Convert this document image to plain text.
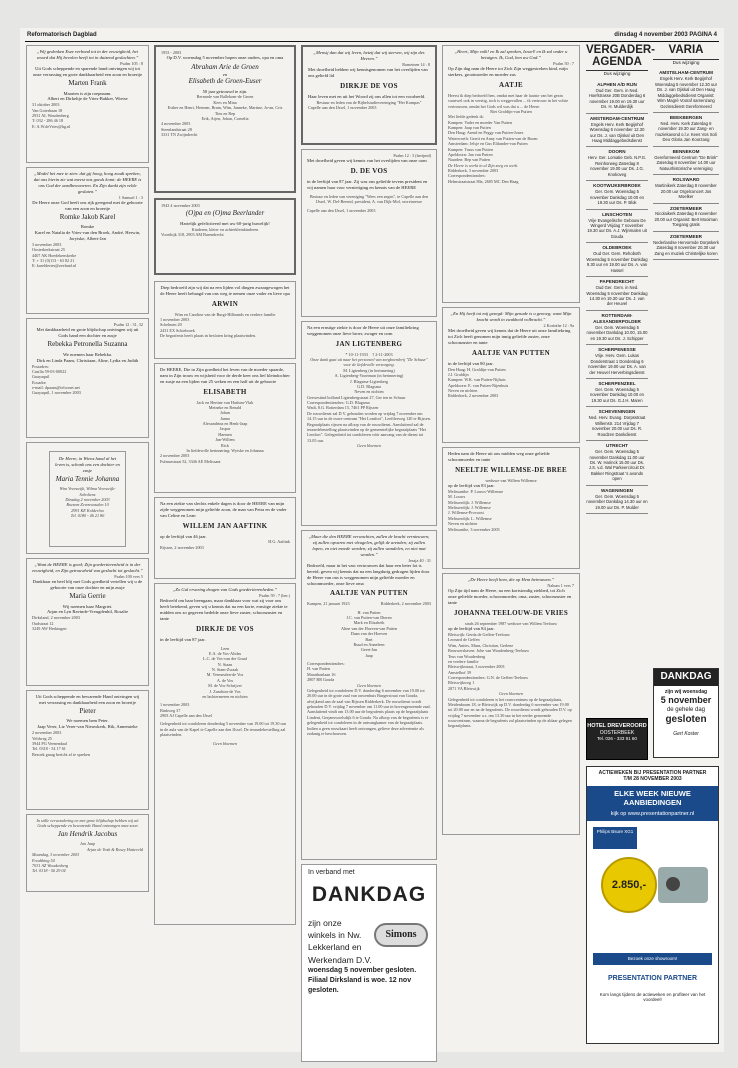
Reformatorisch Dagblad	dinsdag 4 november 2003 PAGINA 4
„Wij gedenken Esze verbond tot in der eeuwigheid, het woord dat Hij bevolen heeft tot in duizend geslachten.”
Psalm 105 : 8
Uit Gods scheppende en sparende hand ontvingen wij tot onze verrassing en grote dankbaarheid een zoon en broertje
Marten Frank
Maarten is zijn roepnaam.
Albert en Dirkeltje de Vries-Bakker, Wietse
31 oktober 2003
Van Goterbaan 18
2931 AL Woudenberg
T: 032 - 286 46 18
E: A.W.deVries@hg.nl
„Model het mee te zien: dat gij hoog, hoog zoudt spreken, dat ons hierin zie wat meest ons goeds komt: de HEERE is ons God der aardbewoneren. En Zijn dankt zijn velde geslaten.”
1 Samuel 1 : 3
De Heere onze God heeft ons rijk geregend met de geboorte van een zoon en broertje
Romke Jakob Karel
Romke
Karel en Natalia de Vries-van den Broek, André, Herwin, Jorytske, Albert-Jan
3 november 2003
Oosterkerkstraat 25
4407 AK Hoedekenskerke
T: + 31 (0)113 - 63 82 21
E: karelderies@zeeland.nl
Psalm 12 : 31, 32
Met dankbaarheid en grote blijdschap ontvingen wij uit Gods hand een dochter en zusje
Rebekka Petronella Suzanna
We noemen haar Rebekka.
Dirk en Linda Paans, Christiaan, Aline, Lydia en Judith
Postadres:
Casilla 59-03-00022
Guayaquil
Ecuador
e-mail: dpaans@telconet.net
Guayaquil, 1 november 2003
De Heere, in Wiens hand al het leven is, schonk ons een dochter en zusje
Maria Tennie Johanna
Wim Vreeswijk, Wilma Vreeswijk-Scholtens
Dinsdag 2 november 2003
Boezem Zevenwouden 10
2991 KE Kolderloo
Tel. 0180 - 46 21 86
„Want de HEERE is goed; Zijn goedertierenheid is in der eeuwigheid, en Zijn getrouwheid van geslacht tot geslacht.”
Psalm 100 vers 5
Dankbaar en heel blij met Gods goedheid vertellen wij u de geboorte van onze dochter en mijn zusje
Maria Gerrie
Wij noemen haar Margriet.
Arjan en Lyn Ravinde-Vreugdenhil, Rosalie
Dirksland, 2 november 2003
Oudstraat 12
3249 AW Herkingen
Uit Gods scheppende en bewarende Hand ontvingen wij met verrassing en dankbaarheid een zoon en broertje
Pieter
We noemen hem Peter.
Jaap Verer, Liz Verer-van Nieuwkerk, Rik, Annemieke
2 november 2003
Veldweg 25
3944 PG Veenendaal
Tel. 0318 - 54 17 61
Bezoek graag bericht af te spreken
In stille verwondering en met grote blijdschap hebben wij uit Gods scheppende en bewarende Hand ontvangen onze zoon
Jan Hendrik Jacobus
Jan Jaap
Arjan de Vosh & Rosey Hatteveld
Maandag, 3 november 2003
Foodthing 54
7031 AZ Woudenberg
Tel. 0318 - 56 29 04
1953 - 2003
Op D.V. woensdag 5 november hopen onze ouders, opa en oma
Abraham Arie de Groen
en
Elisabeth de Groen-Euser
50 jaar getrouwd te zijn.
Bernarde van Ballekom-de Groen
Kees en Mina
Esther en Henri, Hermen, Bram, Wim, Janneke, Martine, Jo-an, Cris
Tieu en Rep
Erik, Arjen, Johan, Cornelia
4 november 2003
Steenlandstraat 28
3331 TN Zwijndrecht
1943 4 november 2003
(O)pa en (O)ma Beerlander
Hartelijk gefeliciteerd met uw 60-jarig huwelijk!
Kinderen, klein- en achterkleinkinderen
Voorthijk 318, 2903 AM Barendrecht
Diep bedroefd zijn wij dat na een lijden vol dingen zwaargewogen het de Heere heeft behaagd van ons weg te nemen onze vader en lieve opa
ARWIN
Wim en Caroline van de Burgt-Hilbrands en verdere familie
1 november 2003
Schelmen 20
2431 EX Schiebroek
De begrafenis heeft plaats in besloten kring plaatsvinden.
De HEERE, Die in Zijn goedheid het leven van de moeder spaarde, nam in Zijn trouw en wijsheid voor de derde keer ons lief kleindochter en zusje na een lijden van 25 weken en een half uit de geboorte
ELISABETH
Jack en Hertine van Hatfum-Vlak
Meineke en Renald
Johan
Janna
Alexandrina en Henk-Jaap
Jaspar
Harmen
Jan-Willem
Rick
In liefdevolle herinnering: Wytske en Johanna
2 november 2003
Fulmarstraat 52, 3346 AE Melissant
Na een ziekte van slechts enkele dagen is door de HEERE van mijn zijde weggenomen mijn geliefde zoon, de man van Petra en de vader van Celine en Lean
WILLEM JAN AAFTINK
op de leeftijd van 46 jaar.
H.G. Aaftink
Rijssen, 2 november 2003
„Zo Gal ervaring dragen van Gods goedertierenheden.”
Psalm 59 : 7 (ber.)
Bedroefd om haar heengaan, maar dankbaar voor wat zij voor ons heeft betekend, geven wij u kennis dat na een korte, ernstige ziekte te midden ons zo gegeven hedelde onze lieve zuster, schoonzuster en tante
DIRKJE DE VOS
in de leeftijd van 87 jaar.
Leen
E.A. de Vos-Alidas
L.C. de Vos-van der Graaf
N. Staan
N. Stam-Zwaak
M. Vermeulen-de Vos
A. de Vos
M. de Vos-Schrijver
J. Zandstra-de Vos
en lachtermeren en nichten
1 november 2003
Binkweg 37
2903 AJ Capelle aan den IJssel
Gelegenheid tot condoleren donderdag 5 november van 19.00 tot 19.30 uur in de aula van de Kapel te Capelle aan den IJssel. De teraardebestelling zal plaatsvinden.
Geen bloemen
„Mensij dan dat wij leven, hetzij dat wij sterven, wij zijn des Heeren.”
Romeinen 14 : 8
Met droefheid hebben wij kennisgenomen van het overlijden van ons geliefd lid
DIRKJE DE VOS
Haar leven met en uit het Woord zij ons allen tot een voorbeeld.
Bestuur en leden van de Bijbelstudievereniging "Het Kompas"
Capelle aan den IJssel, 1 november 2003
Psalm 12 : 3 (berijmd)
Met droefheid geven wij kennis van het overlijden van onze oom
D. DE VOS
in de leeftijd van 87 jaar. Zij was ons geliefde tevens president en wij namen haar voor vernietiging en kennis van de HEERE
Bestuur en leden van vereniging "Wees een zegen", te Capelle aan den IJssel, W. Del-Berend, president, A. van Dijk-Mol, secretaresse
Capelle aan den IJssel, 1 november 2003
Na een ernstige ziekte is door de Heere uit onze familiekring weggenomen onze lieve broer, zwager en oom
JAN LIGTENBERG
* 10-11-1933 † 2-11-2003
Onze dank gaat uit naar het personeel van zorgboerderij "De Schuur" voor de liefdevolle verzorging.
M. Ligtenberg (in herinnering)
A. Ligtenberg-Voortman (in herinnering)
J. Blagsma-Ligtenberg
G.D. Blagsma
Neven en nichten
Gerwestind holland Ligtenbergstraat 27, Ger ten in Schuur
Correspondentieadres: G.D. Blagsma
Wadi, 8.G. Rotterdam 15, 7461 PP Rijssen
De rouwdienst zal D.V. gehouden worden op vrijdag 7 november om 14.15 uur in de ouwe centrum "Het Lontfort", Leeftlerweg 120 te Rijssen. Begraafplaats rijssen na afloop van de rouwdienst. Aansluitend zal de teraardebestelling plaatsvinden op de gemeentelijke begraafplaats "Het Lentfort". Gelegenheid tot condoleren vóór aanvang van de dienst tot 13.05 uur.
Geen bloemen
„Maar die den HEERE verwachten, zullen de kracht vernieuwen; zij zullen opvaren met vleugelen, gelijk de arenden; zij zullen lopen, en niet moede worden; zij zullen wandelen, en niet mat worden.”
Jesaja 40 : 31
Bedroefd, maar in het vast vertrouwen dat haar een beter lot is bereid, geven wij kennis dat na een langdurig gedragen lijden door de Heere van ons is weggenomen mijn geliefde moeder en schoonmoeder, onze lieve oma
AALTJE VAN PUTTEN
Kampen, 21 januari 1923	Ridderkerk, 2 november 2003
H. van Putten
J.C. van Putten-van Dieren
Mark en Elisabeth
Aline van der Hoeven-van Putten
Daan van der Hoeven
Bart
Ruud en Anneleen
Geert-Jan
Jaap
Correspondentieadres:
H. van Putten
Marathonlaan 16
2807 BR Gouda
Geen bloemen
Gelegenheid tot condoleren D.V. donderdag 6 november van 19.00 tot 20.00 uur in de grote zaal van ouwenhuis Burgerstraat van Gouda, afwijkend aan de zaal van Rijssen Ridderkerk. De rouwdienst wordt gehouden D.V. vrijdag 7 november om 11.00 uur in bovengenoemde zaal. Aansluitend vindt om 13.00 uur de begrafenis plaats op de begraafplaats Lindeni, Gerjanswoelsdijk 6 te Gouda. Na afloop van de begrafenis is er gelegenheid tot condoleren in de ontvangkamer van de begraafplaats. Indien u geen rouwkaart heeft ontvangen, gelieve deze advertentie als zodanig te beschouwen.
In verband met
DANKDAG
Simons
zijn onze
winkels in Nw.
Lekkerland en
Werkendam D.V.
woensdag 5 november gesloten.
Filiaal Dirksland is woe. 12 nov gesloten.
„Heert, Mijn volk! en Ik zal spreken, Israel! en Ik zal onder u betuigen. Ik, God, ben uw God.”
Psalm 50 : 7
Op Zijn dag nam de Heere tot Zich Zijn weggestreken kind, mijn sterkers, grootmoeder en moeder zus
AATJE
Heerst ik diep bedroefd ben, omdat met haar de laatste van het gezin vaartwel ook in veertig, toch is weggevallen ... ik vertrouw in het volste vertrouwen, omdat het Gods wil was dat u ... de Heere.
Riet Grafdijn-van Putten
Met liefde gedenk ik:
Kampen: Vader en moeder Van Putten
Kampen: Jaap van Putten
Den Haag: Arend en Peggy van Putten-Jones
Waterworth: Gerrit en Anny van Putten-van de Boom
Amsterdam: Jelsje en Gus Elifander-van Putten
Kampen: Truus van Putten
Apeldoorn: Jan van Putten
Naarden: Bep van Putten
De Heere is werkt in al Zijn zorg en werk.
Ridderkerk, 3 november 2003
Correspondentieadres:
Helmstraatstraat 80a, 2605 MC Den Haag
„En Hij heeft tot mij gezegd: Mijn genade is u genoeg; want Mijn kracht wordt in zwakheid volbracht.”
2 Korinthe 12 : 9a
Met droefheid geven wij kennis dat de Heere uit onze familiekring tot Zich heeft genomen mijn innig geliefde zuster, onze schoonzuster en tante
AALTJE VAN PUTTEN
in de leeftijd van 80 jaar.
Den Haag: H. Grafdijn-van Putten
J.J. Grafdijn
Kampen: W.K. van Putten-Nijhuis
Apeldoorn: E. van Putten-Nijenhuis
Neven en nichten
Ridderkerk, 2 november 2003
Heden nam de Heere uit ons midden weg onze geliefde schoonmoeder en tante
NEELTJE WILLEMSE-DE BREE
weduwe van Willem Willemse
op de leeftijd van 83 jaar.
Melissanthe: P. Louws-Willemse
M. Louws
Melisserdijk: J. Willemse
Melisserdijk: J. Willemse
J. Willemse-Provoost
Melisserdijk: L. Willemse
Neven en nichten
Melissanthe, 3 november 2003
„De Heere heeft hem, die op Hem betrouwen.”
Nahum 1 vers 7
Op Zijn tijd nam de Heere, na een kortstondig ziekbed, tot Zich onze geliefde moeder, schoonmoeder, oma, zuster, schoonzuster en tante
JOHANNA TEELOUW-DE VRIES
sinds 26 september 1987 weduwe van Willem Teelouw
op de leeftijd van 84 jaar.
Bleiswijk: Gerda de Geffen-Teelouw
Leonard de Geffen
Wim, Aniies, Mans, Christian, Gerlene
Brouwershaven: Jobe van Woudenberg-Teelouw
Teus van Woudenberg
en verdere familie
Bleiswijkstraat, 3 november 2003
Amstelhof 39
Correspondentieadres: G.N. de Geffen-Teelouw
Bleiswijkweg 1
2871 VA Bleiswijk
Geen bloemen
Gelegenheid tot condoleren is het rouwcentrum op de begraafplaats, Meidenboom 18, te Bleiswijk op D.V. donderdag 6 november van 19.00 tot 20.00 uur en na de begrafenis. De rouwdienst wordt gehouden D.V. op vrijdag 7 november a.s. om 13.30 uur in het eerder genoemde rouwcentrum, waarna de begrafenis zal plaatsvinden op de aldaar gelegen begraafplaats.
VERGADER-AGENDA
Dus wijziging
ALPHEN A/D RIJN
Oud Ger. Gem. in Ned. Hoefstrasse 20B Donderdag 6 november 19.00 en 19.30 uur Ds. H. Mulderdijk
AMSTERDAM-CENTRUM
Engels Herv. Kerk Begijnhof Woensdag 5 november 12.30 uur Ds. J. van Ojiskal uit Den Haag Middaggebedsdienst
DOORN
Herv. Ger. Lomatie Geb. N.P.G. Reinhorweg Zaterdag 8 november 19.00 uur Ds. J.G. Knokoveg
KOOTWIJKERBROEK
Ger. Gem. Woensdag 5 november Dankdag 10.00 en 19.30 uur Ds. P. Blok
LINSCHOTEN
Vrije Evangelische Gebouw De Wingerd Vrijdag 7 november 19.30 uur Ds. A.J. Wijnmalen uit Gouda
OLDEBROEK
Oud Ger. Gem. Rehoboth Woensdag 5 november Dankdag 9.30 uur en 19.00 uur Ds. A. van Hassel
PAPENDRECHT
Oud Ger. Gem. in Ned. Woensdag 5 november Dankdag 14.30 en 19.30 uur Ds. J. van der Heuvel
ROTTERDAM-ALEXANDERPOLDER
Ger. Gem. Woensdag 5 november Dankdag 10.00, 15.00 en 19.30 uur Ds. J. Schipper
SCHERPENESSE
Vrije. Herv. Gem. Lukas Donderstraat 1 Donderdag 6 november 19.00 uur Ds. A. van der Heuvel Herverbingsdienst
SCHERPENZEEL
Ger. Gem. Woensdag 5 november Dankdag 10.00 en 19.30 uur Ds. G.J.H. Maren
SCHEVENINGEN
Ned. Herv. Evang. Dorpsstraat Willemstr. 214 Vrijdag 7 november 20.00 uur Ds. R. Roodzen Dankdienst
UTRECHT
Ger. Gem. Woensdag 5 november Dankdag 11.00 uur Ds. W. Harinck 15.00 uur Ds. J.S. v.d. Wal Parkeercircuit Dr. Bakker Ringstraat 's avonds open
WAGENINGEN
Ger. Gem. Woensdag 5 november Dankdag 14.30 uur en 19.00 uur Ds. P. Mulder
HOTEL DREVEROORD
OOSTERBEEK
Tel. 026 - 333 91 60
VARIA
Dus wijziging
AMSTELHAM-CENTRUM
Engels Herv. Kerk Begijnhof Woensdag 5 november 12.30 uur Ds. J. van Ojiskal uit Den Haag Middaggebedsdienst Organist: Wim Magré Vooraf samenzang Gezinsdienst Gereformeerd
BEEKBERGEN
Ned. Herv. Kerk Zaterdag 8 november 19.30 uur Zang- en muziekavond o.l.v. Kees Vos Soli Deo Gloria Jan Koorzang
BENNEKOM
Gereformeerd Centrum "De Brink" Zaterdag 8 november 14.00 uur Natuurhistorische vereniging
ROLSWARD
Martinikerk Zaterdag 8 november 20.00 uur Orgelconcert Jos Moelker
ZOETERMEER
Nicolaikerk Zaterdag 8 november 20.00 uur Organist: Bert Mooiman Toegang gratis
ZOETERMEER
Nederlandse Hervormde Dorpskerk Zaterdag 8 november 20.30 uur Zang en muziek Christelijke koren
DANKDAG
zijn wij woensdag
5 november
de gehele dag
gesloten
Gert Koster
ACTIEWEKEN BIJ PRESENTATION PARTNER
T/M 28 NOVEMBER 2003
ELKE WEEK NIEUWE AANBIEDINGEN
kijk op www.presentationpartner.nl
Philips Bsure XG1
2.850,-
Bezoek onze showroom!
PRESENTATION PARTNER
Kom langs tijdens de actieweken en profiteer van het voordeel!
